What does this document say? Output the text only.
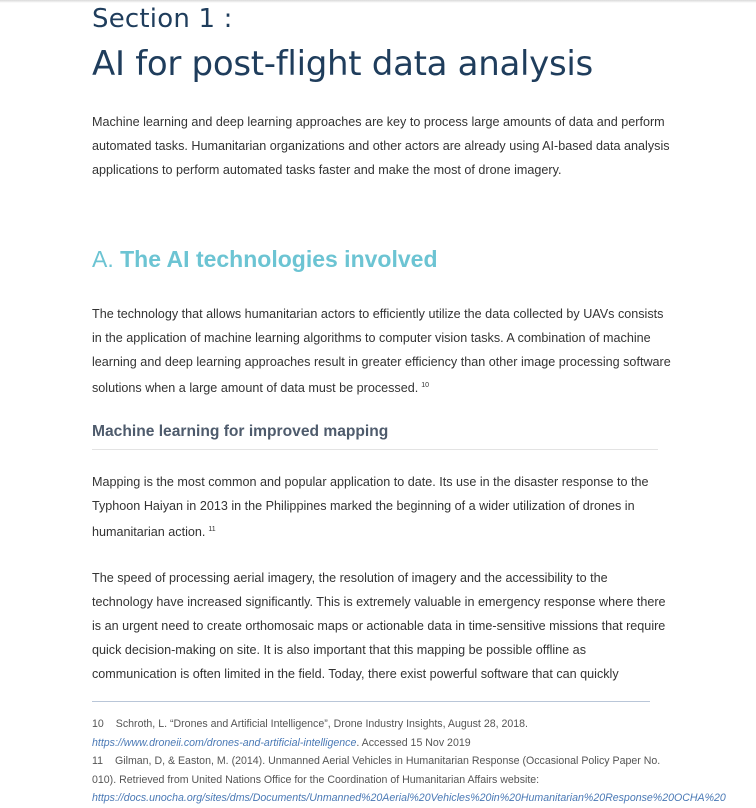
Section 1 :
AI for post-flight data analysis

Machine learning and deep learning approaches are key to process large amounts of data and perform automated tasks. Humanitarian organizations and other actors are already using AI-based data analysis applications to perform automated tasks faster and make the most of drone imagery.

A. The AI technologies involved

The technology that allows humanitarian actors to efficiently utilize the data collected by UAVs consists in the application of machine learning algorithms to computer vision tasks. A combination of machine learning and deep learning approaches result in greater efficiency than other image processing software solutions when a large amount of data must be processed. $^{10}$

Machine learning for improved mapping

Mapping is the most common and popular application to date. Its use in the disaster response to the Typhoon Haiyan in 2013 in the Philippines marked the beginning of a wider utilization of drones in humanitarian action. $^{11}$

The speed of processing aerial imagery, the resolution of imagery and the accessibility to the technology have increased significantly. This is extremely valuable in emergency response where there is an urgent need to create orthomosaic maps or actionable data in time-sensitive missions that require quick decision-making on site. It is also important that this mapping be possible offline as communication is often limited in the field. Today, there exist powerful software that can quickly

10 Schroth, L. “Drones and Artificial Intelligence”, Drone Industry Insights, August 28, 2018. https://www.droneii.com/drones-and-artificial-intelligence. Accessed 15 Nov 2019

11 Gilman, D, & Easton, M. (2014). Unmanned Aerial Vehicles in Humanitarian Response (Occasional Policy Paper No. 010). Retrieved from United Nations Office for the Coordination of Humanitarian Affairs website: https://docs.unocha.org/sites/dms/Documents/Unmanned%20Aerial%20Vehicles%20in%20Humanitarian%20Response%20OCHA%20
